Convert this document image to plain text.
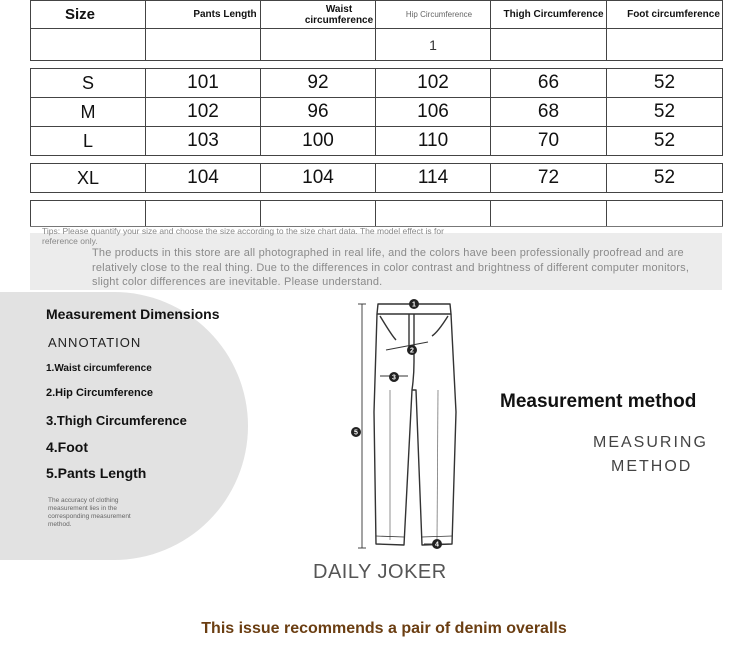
Size	Pants Length	Waist circumference	Hip Circumference	Thigh Circumference	Foot circumference
			1		

S	101	92	102	66	52
M	102	96	106	68	52
L	103	100	110	70	52

XL	104	104	114	72	52

Tips: Please quantify your size and choose the size according to the size chart data. The model effect is for reference only.
The products in this store are all photographed in real life, and the colors have been professionally proofread and are relatively close to the real thing. Due to the differences in color contrast and brightness of different computer monitors, slight color differences are inevitable. Please understand.
Measurement Dimensions
ANNOTATION
1.Waist circumference
2.Hip Circumference
3.Thigh Circumference
4.Foot
5.Pants Length
The accuracy of clothing measurement lies in the corresponding measurement method.
1
2
3
4
5
DAILY JOKER
Measurement method
MEASURING
METHOD
This issue recommends a pair of denim overalls
